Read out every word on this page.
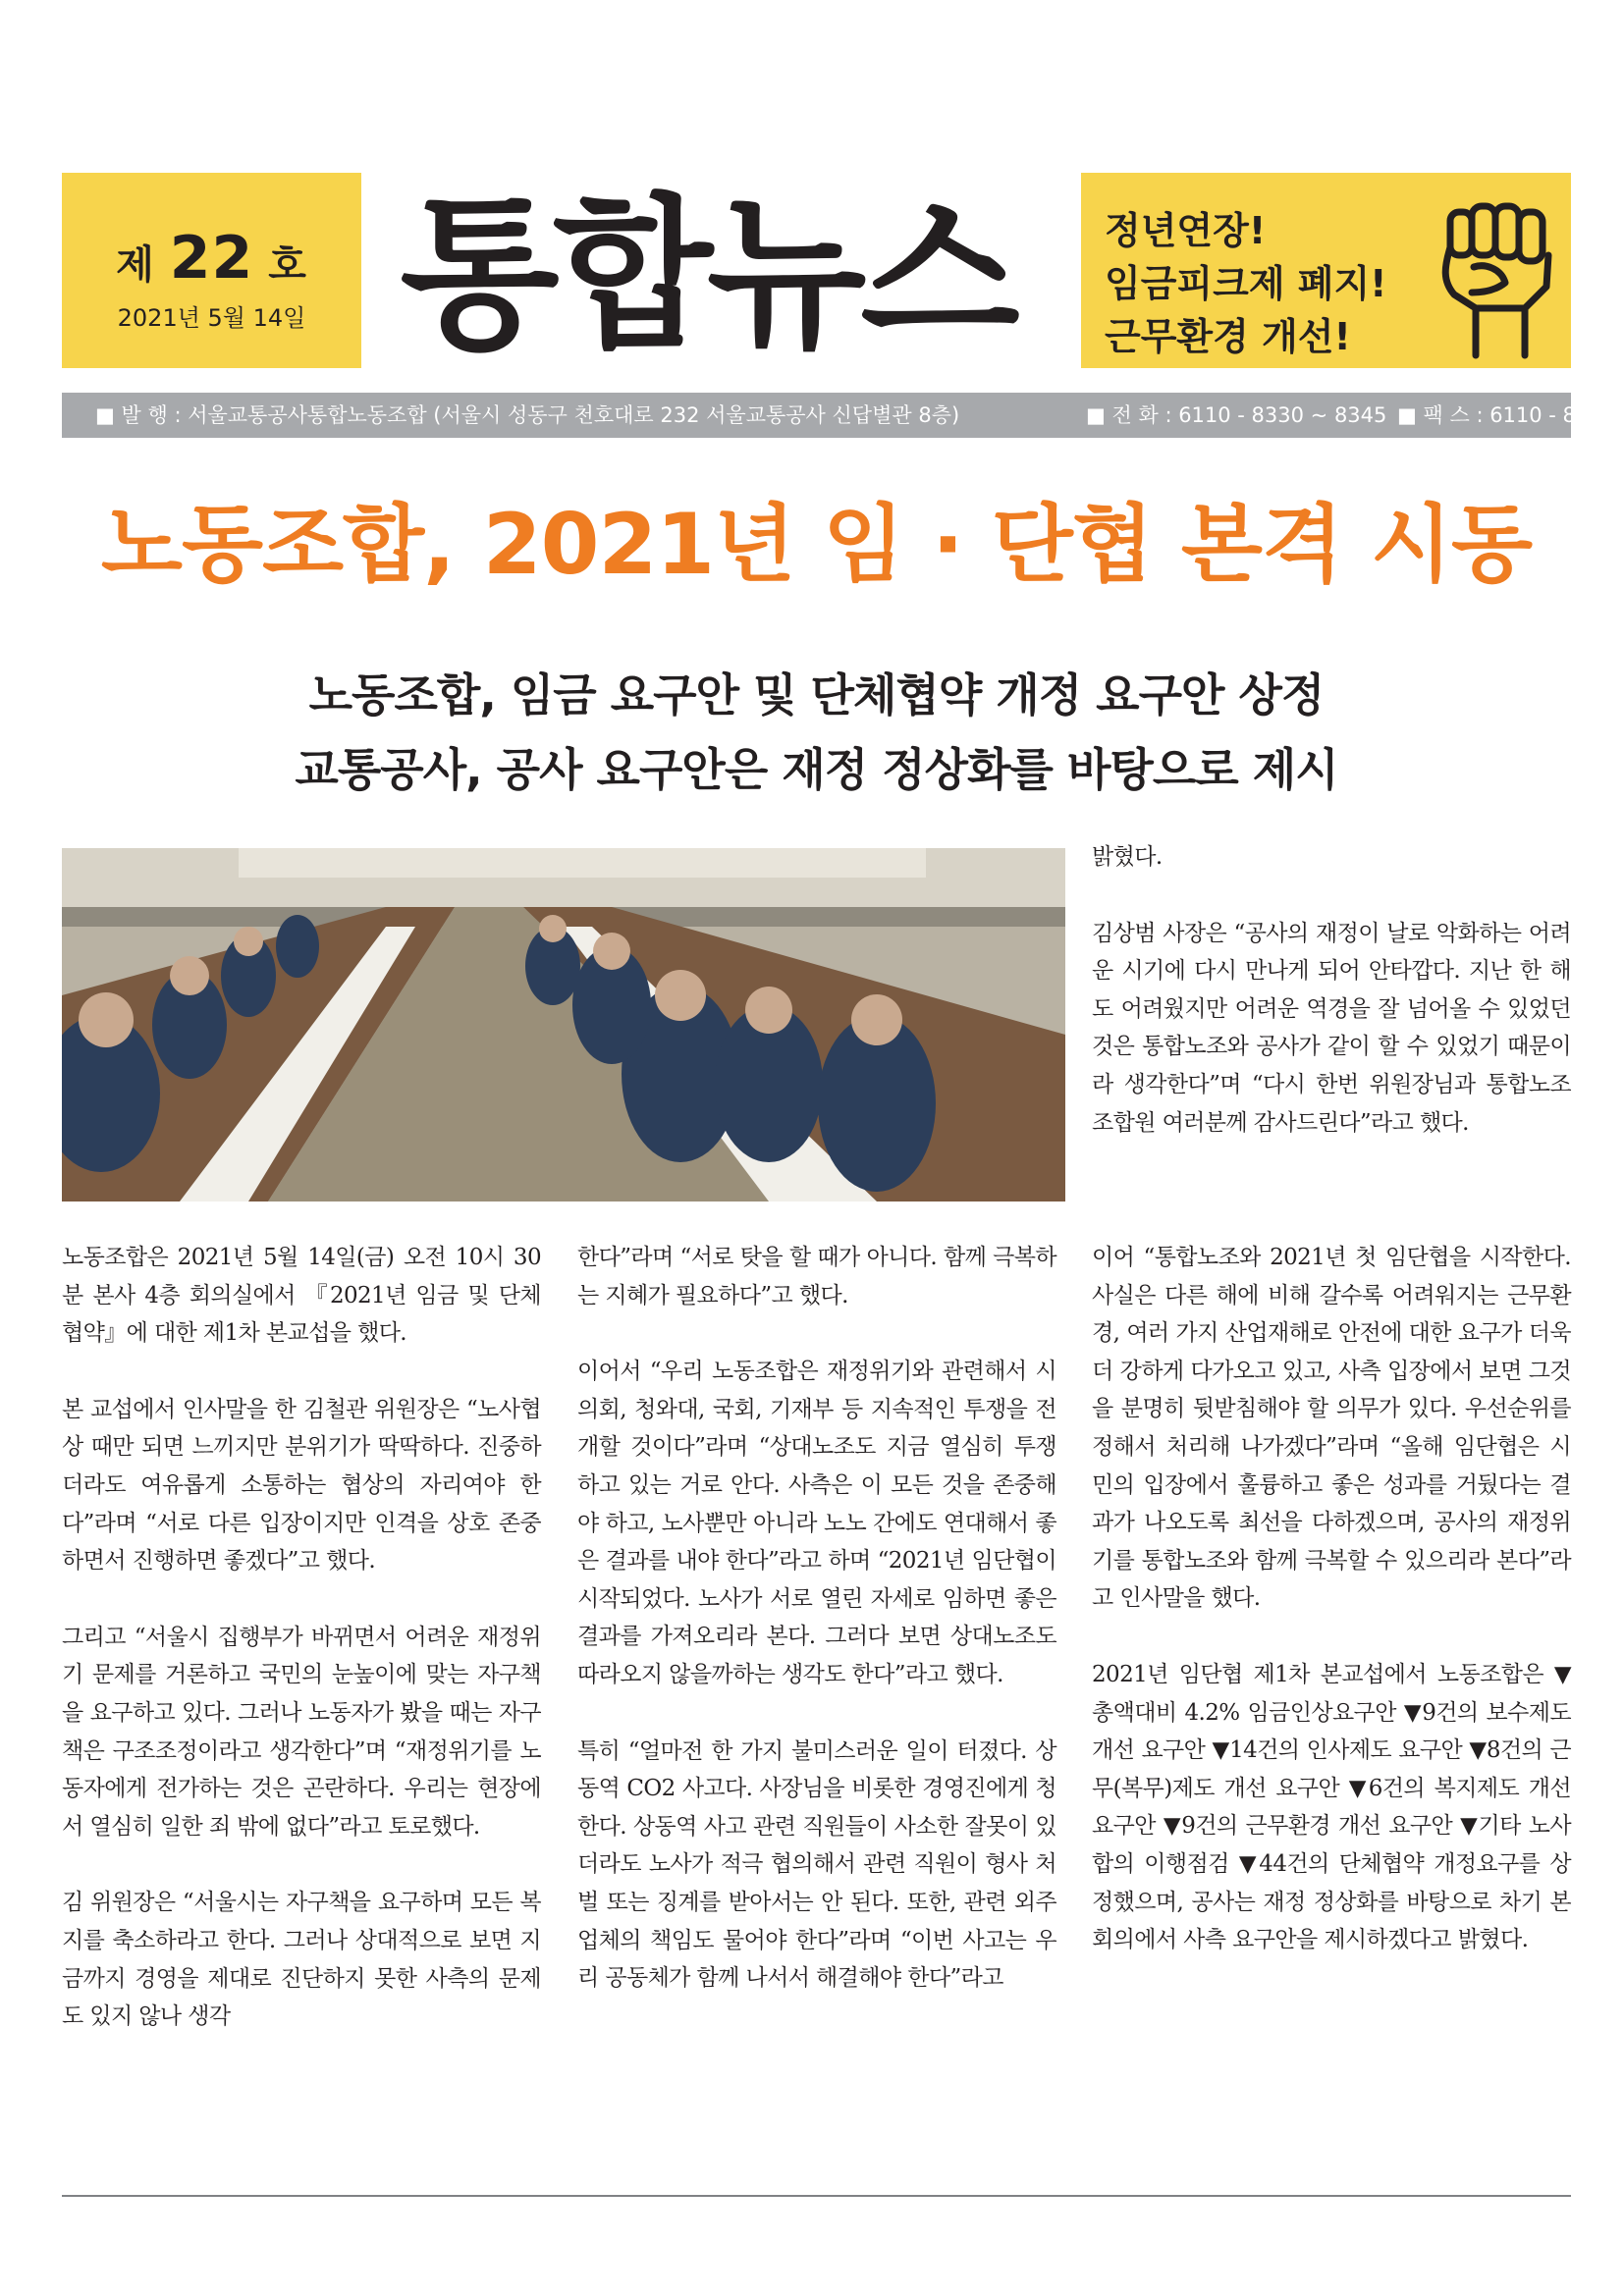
제 22 호
2021년 5월 14일 통합뉴스	정년연장!
임금피크제 폐지!
근무환경 개선!
■ 발 행 : 서울교통공사통합노동조합 (서울시 성동구 천호대로 232 서울교통공사 신답별관 8층)	■ 전 화 : 6110 - 8330 ~ 8345 ■ 팩 스 : 6110 - 8339
노동조합, 2021년 임 · 단협 본격 시동
노동조합, 임금 요구안 및 단체협약 개정 요구안 상정
교통공사, 공사 요구안은 재정 정상화를 바탕으로 제시

노동조합은 2021년 5월 14일(금) 오전 10시 30분 본사 4층 회의실에서 『2021년 임금 및 단체 협약』에 대한 제1차 본교섭을 했다.

본 교섭에서 인사말을 한 김철관 위원장은 “노사협상 때만 되면 느끼지만 분위기가 딱딱하다. 진중하더라도 여유롭게 소통하는 협상의 자리여야 한다”라며 “서로 다른 입장이지만 인격을 상호 존중하면서 진행하면 좋겠다”고 했다.

그리고 “서울시 집행부가 바뀌면서 어려운 재정위기 문제를 거론하고 국민의 눈높이에 맞는 자구책을 요구하고 있다. 그러나 노동자가 봤을 때는 자구책은 구조조정이라고 생각한다”며 “재정위기를 노동자에게 전가하는 것은 곤란하다. 우리는 현장에서 열심히 일한 죄 밖에 없다”라고 토로했다.

김 위원장은 “서울시는 자구책을 요구하며 모든 복지를 축소하라고 한다. 그러나 상대적으로 보면 지금까지 경영을 제대로 진단하지 못한 사측의 문제도 있지 않나 생각

한다”라며 “서로 탓을 할 때가 아니다. 함께 극복하는 지혜가 필요하다”고 했다.

이어서 “우리 노동조합은 재정위기와 관련해서 시의회, 청와대, 국회, 기재부 등 지속적인 투쟁을 전개할 것이다”라며 “상대노조도 지금 열심히 투쟁하고 있는 거로 안다. 사측은 이 모든 것을 존중해야 하고, 노사뿐만 아니라 노노 간에도 연대해서 좋은 결과를 내야 한다”라고 하며 “2021년 임단협이 시작되었다. 노사가 서로 열린 자세로 임하면 좋은 결과를 가져오리라 본다. 그러다 보면 상대노조도 따라오지 않을까하는 생각도 한다”라고 했다.

특히 “얼마전 한 가지 불미스러운 일이 터졌다. 상동역 CO2 사고다. 사장님을 비롯한 경영진에게 청한다. 상동역 사고 관련 직원들이 사소한 잘못이 있더라도 노사가 적극 협의해서 관련 직원이 형사 처벌 또는 징계를 받아서는 안 된다. 또한, 관련 외주 업체의 책임도 물어야 한다”라며 “이번 사고는 우리 공동체가 함께 나서서 해결해야 한다”라고

밝혔다.

김상범 사장은 “공사의 재정이 날로 악화하는 어려운 시기에 다시 만나게 되어 안타깝다. 지난 한 해도 어려웠지만 어려운 역경을 잘 넘어올 수 있었던 것은 통합노조와 공사가 같이 할 수 있었기 때문이라 생각한다”며 “다시 한번 위원장님과 통합노조 조합원 여러분께 감사드린다”라고 했다.

이어 “통합노조와 2021년 첫 임단협을 시작한다. 사실은 다른 해에 비해 갈수록 어려워지는 근무환경, 여러 가지 산업재해로 안전에 대한 요구가 더욱더 강하게 다가오고 있고, 사측 입장에서 보면 그것을 분명히 뒷받침해야 할 의무가 있다. 우선순위를 정해서 처리해 나가겠다”라며 “올해 임단협은 시민의 입장에서 훌륭하고 좋은 성과를 거뒀다는 결과가 나오도록 최선을 다하겠으며, 공사의 재정위기를 통합노조와 함께 극복할 수 있으리라 본다”라고 인사말을 했다.

2021년 임단협 제1차 본교섭에서 노동조합은 ▼총액대비 4.2% 임금인상요구안 ▼9건의 보수제도 개선 요구안 ▼14건의 인사제도 요구안 ▼8건의 근무(복무)제도 개선 요구안 ▼6건의 복지제도 개선 요구안 ▼9건의 근무환경 개선 요구안 ▼기타 노사합의 이행점검 ▼44건의 단체협약 개정요구를 상정했으며, 공사는 재정 정상화를 바탕으로 차기 본회의에서 사측 요구안을 제시하겠다고 밝혔다.
